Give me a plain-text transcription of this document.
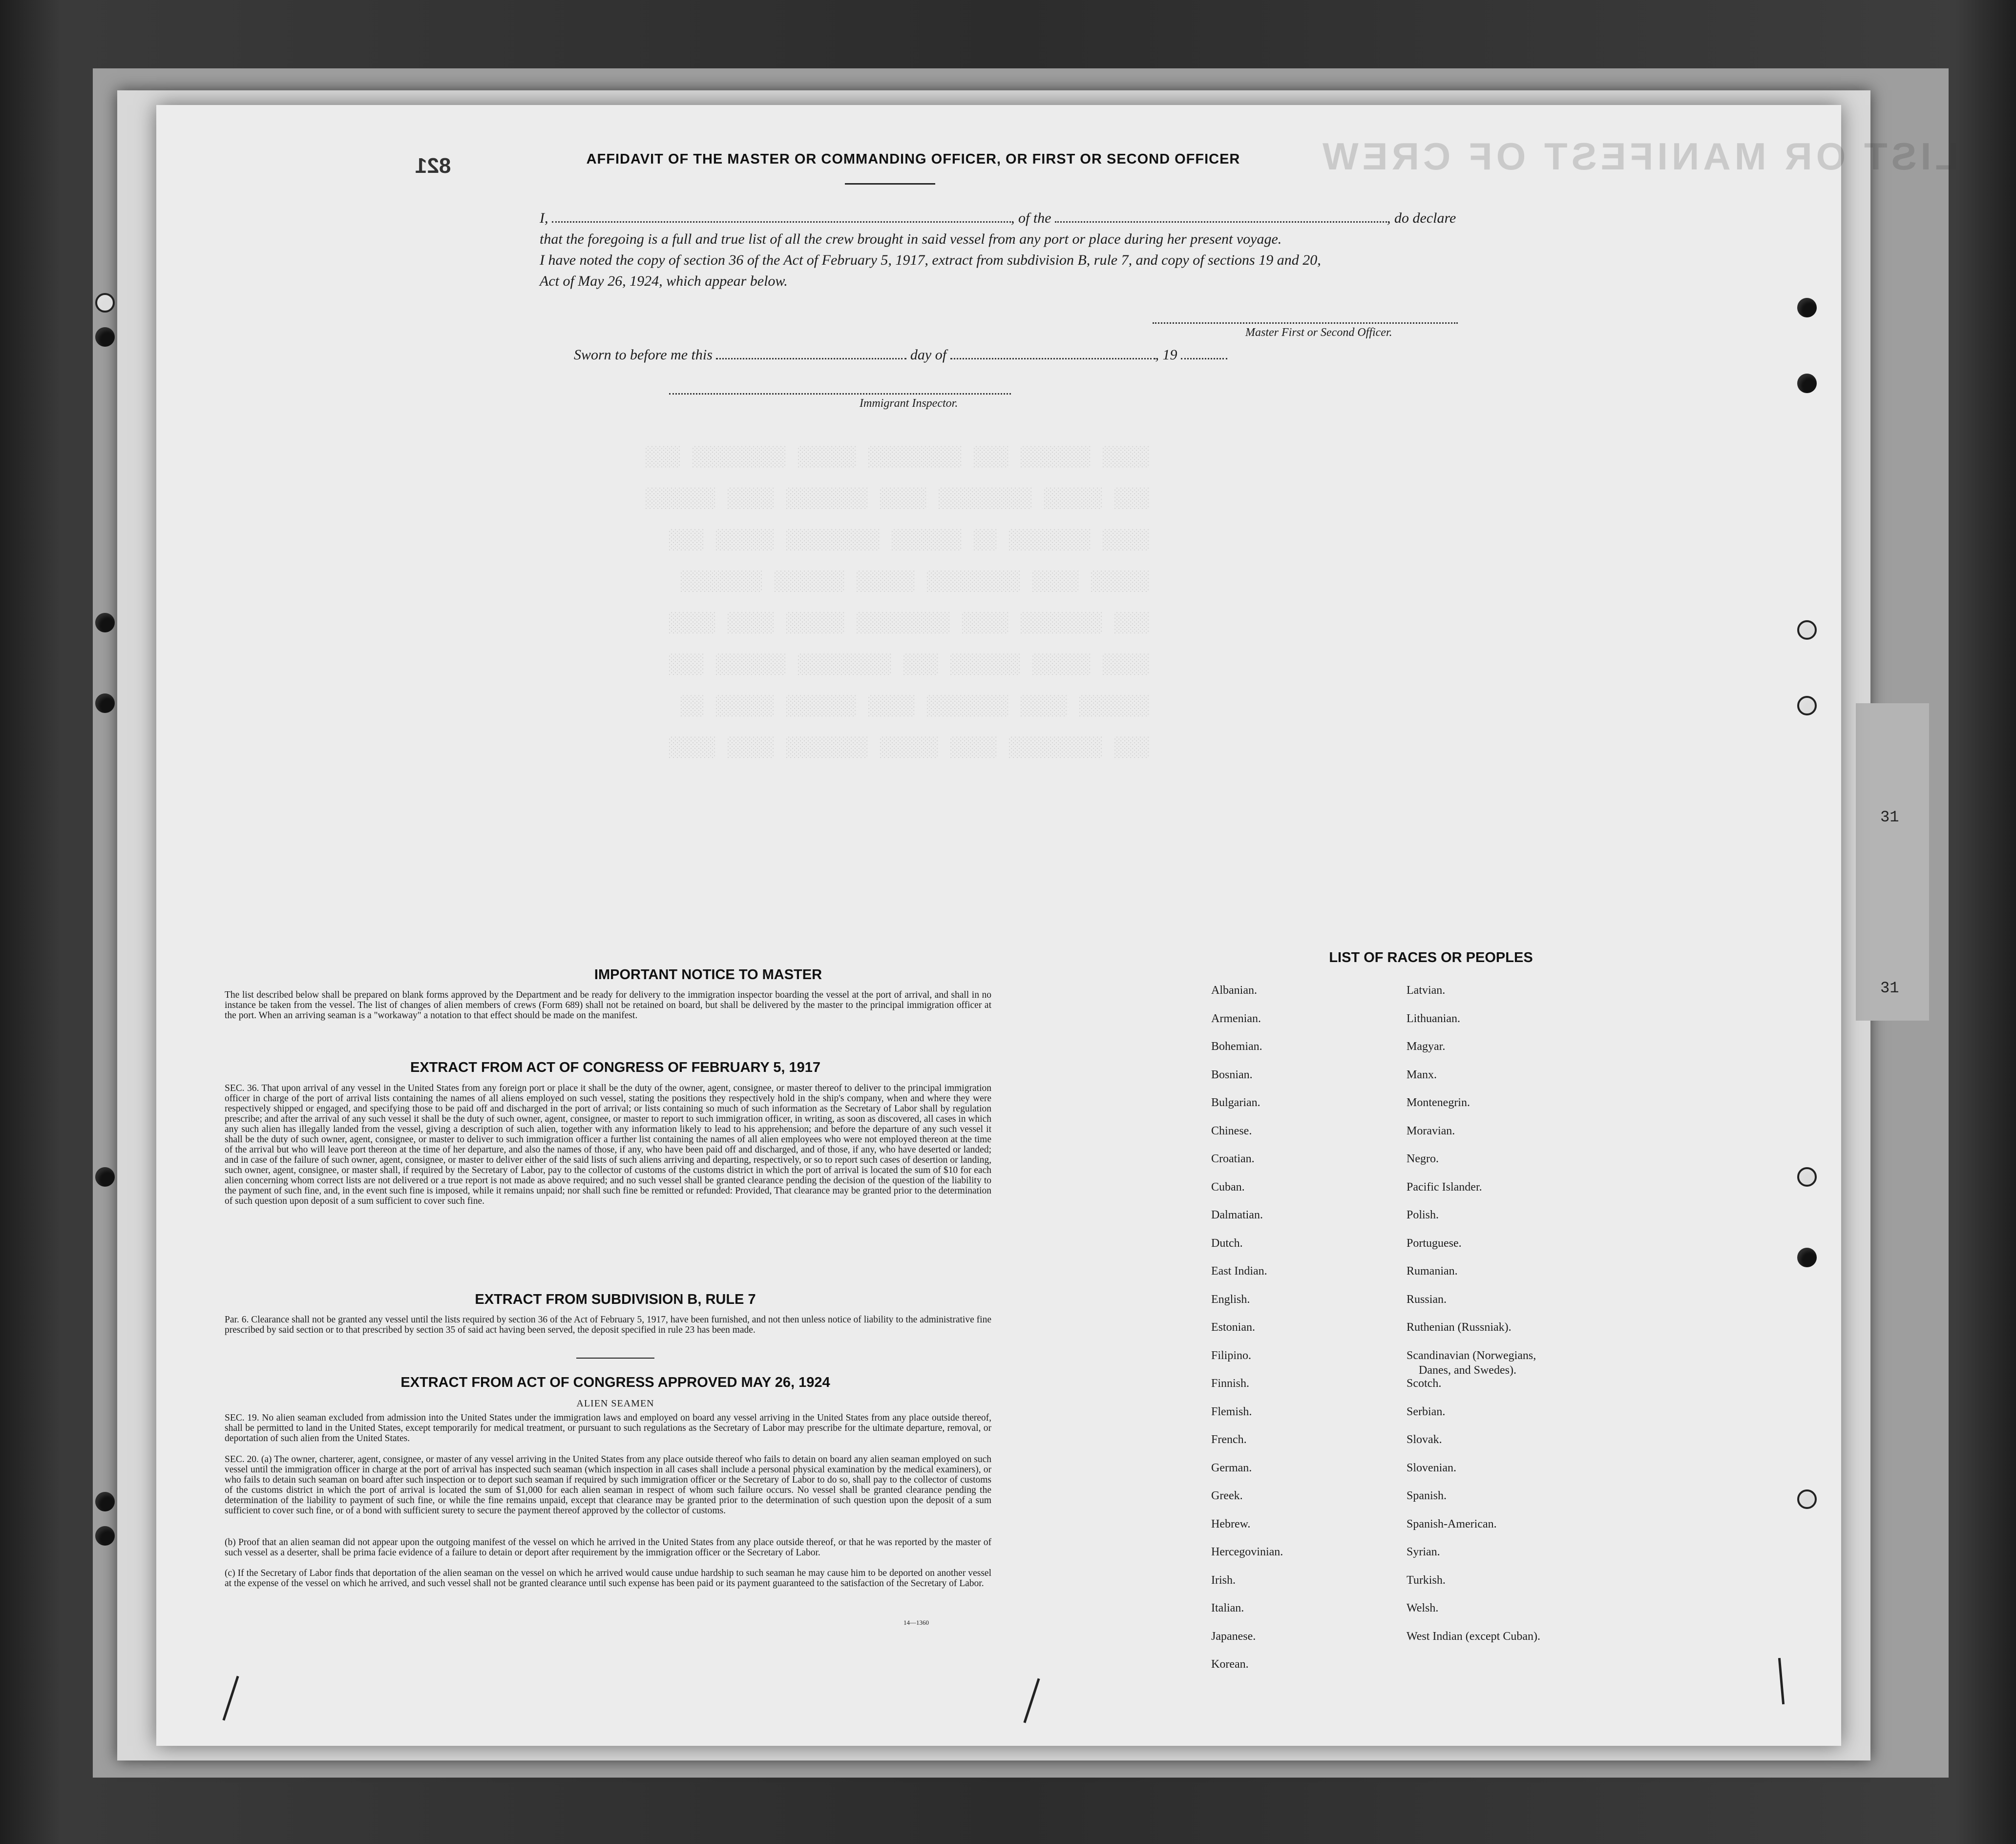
31
31
LIST OR MANIFEST OF CREW
░░░░ ░░░░░░ ░░░ ░░░░░░░░ ░░░░░ ░░░░░░░░ ░░░
░░░ ░░░░░ ░░░░░░░░ ░░░░ ░░░░░░░ ░░░░ ░░░░░░
░░░░ ░░░░░░░ ░░ ░░░░░░ ░░░░░░░░ ░░░░░ ░░░
░░░░░ ░░░░ ░░░░░░░░ ░░░░░ ░░░░░░ ░░░░░░░
░░░ ░░░░░░░ ░░░░ ░░░░░░░░ ░░░░░ ░░░░ ░░░░
░░░░ ░░░░░ ░░░░░░ ░░░ ░░░░░░░░ ░░░░░░ ░░░
░░░░░░ ░░░░ ░░░░░░░ ░░░░ ░░░░░░ ░░░░░ ░░
░░░ ░░░░░░░░ ░░░░ ░░░░░ ░░░░░░░ ░░░░ ░░░░
821	AFFIDAVIT OF THE MASTER OR COMMANDING OFFICER, OR FIRST OR SECOND OFFICER
I,	, of the	, do declare
that the foregoing is a full and true list of all the crew brought in said vessel from any port or place during her present voyage.
I have noted the copy of section 36 of the Act of February 5, 1917, extract from subdivision B, rule 7, and copy of sections 19 and 20,
Act of May 26, 1924, which appear below.
Master First or Second Officer.
Sworn to before me this	day of	, 19
Immigrant Inspector.
IMPORTANT NOTICE TO MASTER
The list described below shall be prepared on blank forms approved by the Department and be ready for delivery to the immigration inspector boarding the vessel at the port of arrival, and shall in no instance be taken from the vessel. The list of changes of alien members of crews (Form 689) shall not be retained on board, but shall be delivered by the master to the principal immigration officer at the port. When an arriving seaman is a "workaway" a notation to that effect should be made on the manifest.
EXTRACT FROM ACT OF CONGRESS OF FEBRUARY 5, 1917
SEC. 36. That upon arrival of any vessel in the United States from any foreign port or place it shall be the duty of the owner, agent, consignee, or master thereof to deliver to the principal immigration officer in charge of the port of arrival lists containing the names of all aliens employed on such vessel, stating the positions they respectively hold in the ship's company, when and where they were respectively shipped or engaged, and specifying those to be paid off and discharged in the port of arrival; or lists containing so much of such information as the Secretary of Labor shall by regulation prescribe; and after the arrival of any such vessel it shall be the duty of such owner, agent, consignee, or master to report to such immigration officer, in writing, as soon as discovered, all cases in which any such alien has illegally landed from the vessel, giving a description of such alien, together with any information likely to lead to his apprehension; and before the departure of any such vessel it shall be the duty of such owner, agent, consignee, or master to deliver to such immigration officer a further list containing the names of all alien employees who were not employed thereon at the time of the arrival but who will leave port thereon at the time of her departure, and also the names of those, if any, who have been paid off and discharged, and of those, if any, who have deserted or landed; and in case of the failure of such owner, agent, consignee, or master to deliver either of the said lists of such aliens arriving and departing, respectively, or so to report such cases of desertion or landing, such owner, agent, consignee, or master shall, if required by the Secretary of Labor, pay to the collector of customs of the customs district in which the port of arrival is located the sum of $10 for each alien concerning whom correct lists are not delivered or a true report is not made as above required; and no such vessel shall be granted clearance pending the decision of the question of the liability to the payment of such fine, and, in the event such fine is imposed, while it remains unpaid; nor shall such fine be remitted or refunded: Provided, That clearance may be granted prior to the determination of such question upon deposit of a sum sufficient to cover such fine.
EXTRACT FROM SUBDIVISION B, RULE 7
Par. 6. Clearance shall not be granted any vessel until the lists required by section 36 of the Act of February 5, 1917, have been furnished, and not then unless notice of liability to the administrative fine prescribed by said section or to that prescribed by section 35 of said act having been served, the deposit specified in rule 23 has been made.
EXTRACT FROM ACT OF CONGRESS APPROVED MAY 26, 1924
ALIEN SEAMEN
SEC. 19. No alien seaman excluded from admission into the United States under the immigration laws and employed on board any vessel arriving in the United States from any place outside thereof, shall be permitted to land in the United States, except temporarily for medical treatment, or pursuant to such regulations as the Secretary of Labor may prescribe for the ultimate departure, removal, or deportation of such alien from the United States.
SEC. 20. (a) The owner, charterer, agent, consignee, or master of any vessel arriving in the United States from any place outside thereof who fails to detain on board any alien seaman employed on such vessel until the immigration officer in charge at the port of arrival has inspected such seaman (which inspection in all cases shall include a personal physical examination by the medical examiners), or who fails to detain such seaman on board after such inspection or to deport such seaman if required by such immigration officer or the Secretary of Labor to do so, shall pay to the collector of customs of the customs district in which the port of arrival is located the sum of $1,000 for each alien seaman in respect of whom such failure occurs. No vessel shall be granted clearance pending the determination of the liability to payment of such fine, or while the fine remains unpaid, except that clearance may be granted prior to the determination of such question upon the deposit of a sum sufficient to cover such fine, or of a bond with sufficient surety to secure the payment thereof approved by the collector of customs.
(b) Proof that an alien seaman did not appear upon the outgoing manifest of the vessel on which he arrived in the United States from any place outside thereof, or that he was reported by the master of such vessel as a deserter, shall be prima facie evidence of a failure to detain or deport after requirement by the immigration officer or the Secretary of Labor.
(c) If the Secretary of Labor finds that deportation of the alien seaman on the vessel on which he arrived would cause undue hardship to such seaman he may cause him to be deported on another vessel at the expense of the vessel on which he arrived, and such vessel shall not be granted clearance until such expense has been paid or its payment guaranteed to the satisfaction of the Secretary of Labor.
14—1360
LIST OF RACES OR PEOPLES
Albanian.
Armenian.
Bohemian.
Bosnian.
Bulgarian.
Chinese.
Croatian.
Cuban.
Dalmatian.
Dutch.
East Indian.
English.
Estonian.
Filipino.
Finnish.
Flemish.
French.
German.
Greek.
Hebrew.
Hercegovinian.
Irish.
Italian.
Japanese.
Korean.
Latvian.
Lithuanian.
Magyar.
Manx.
Montenegrin.
Moravian.
Negro.
Pacific Islander.
Polish.
Portuguese.
Rumanian.
Russian.
Ruthenian (Russniak).
Scandinavian (Norwegians,
Danes, and Swedes).
Scotch.
Serbian.
Slovak.
Slovenian.
Spanish.
Spanish-American.
Syrian.
Turkish.
Welsh.
West Indian (except Cuban).
